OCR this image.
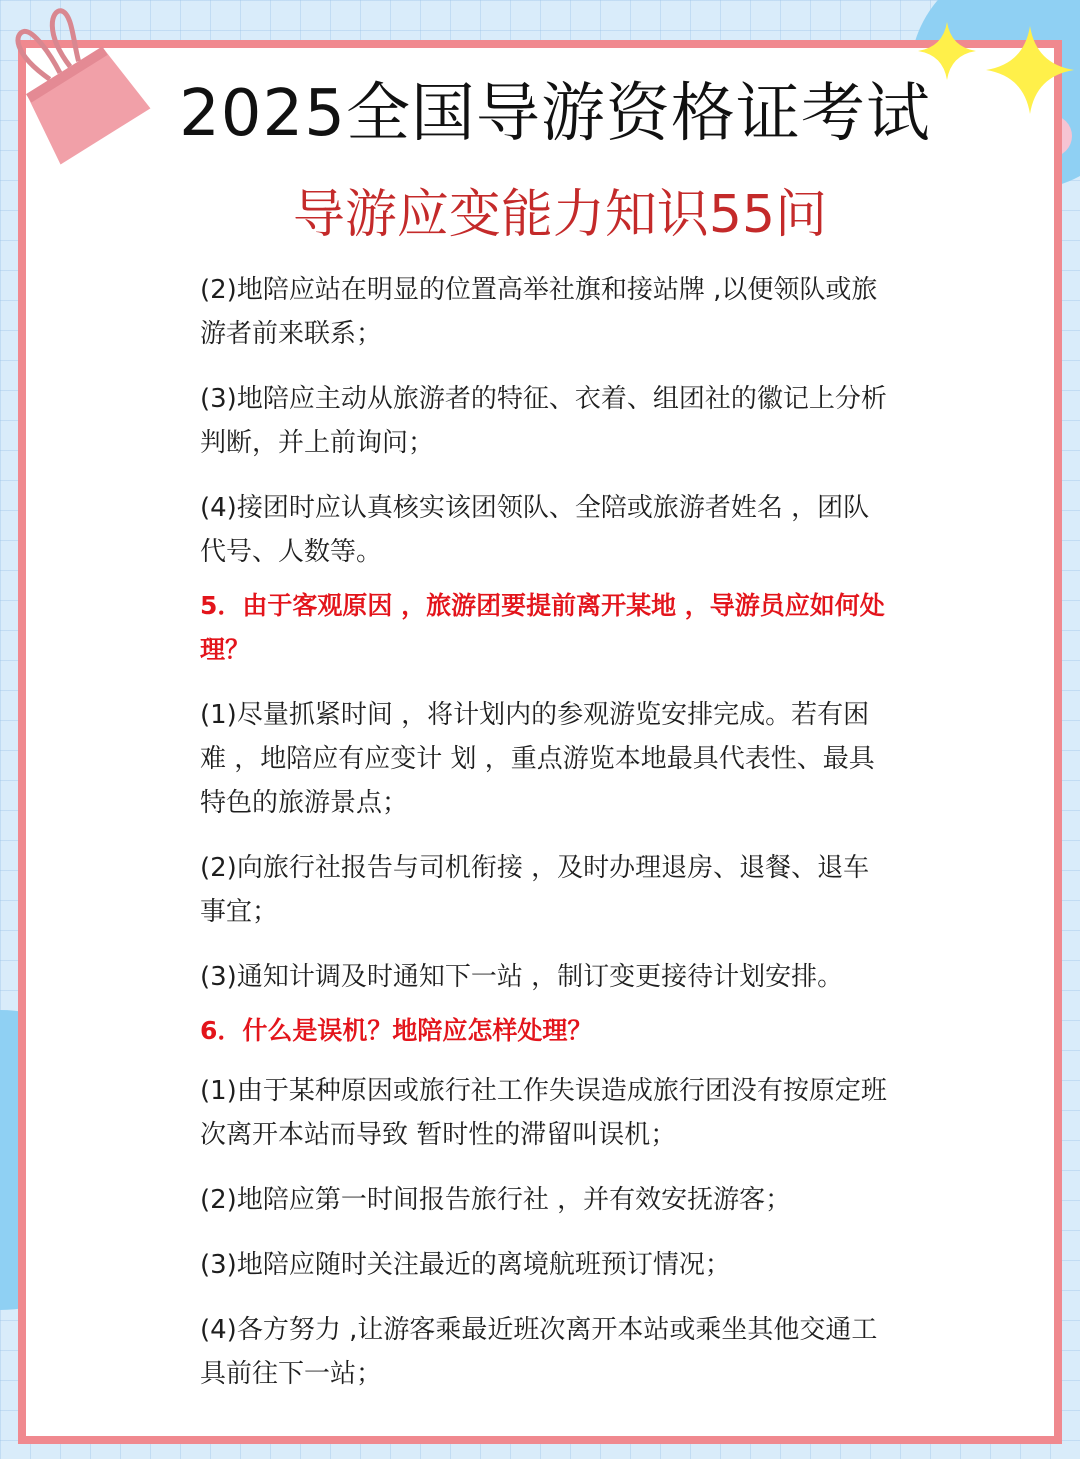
2025全国导游资格证考试
导游应变能力知识55问

(2)地陪应站在明显的位置高举社旗和接站牌 ,以便领队或旅游者前来联系；

(3)地陪应主动从旅游者的特征、衣着、组团社的徽记上分析判断，并上前询问；

(4)接团时应认真核实该团领队、全陪或旅游者姓名 ，团队代号、人数等。

5．由于客观原因 ，旅游团要提前离开某地 ，导游员应如何处理？

(1)尽量抓紧时间 ，将计划内的参观游览安排完成。若有困难 ，地陪应有应变计 划 ，重点游览本地最具代表性、最具特色的旅游景点；

(2)向旅行社报告与司机衔接 ，及时办理退房、退餐、退车事宜；

(3)通知计调及时通知下一站 ，制订变更接待计划安排。

6．什么是误机？地陪应怎样处理？

(1)由于某种原因或旅行社工作失误造成旅行团没有按原定班次离开本站而导致 暂时性的滞留叫误机；

(2)地陪应第一时间报告旅行社 ，并有效安抚游客；

(3)地陪应随时关注最近的离境航班预订情况；

(4)各方努力 ,让游客乘最近班次离开本站或乘坐其他交通工具前往下一站；
